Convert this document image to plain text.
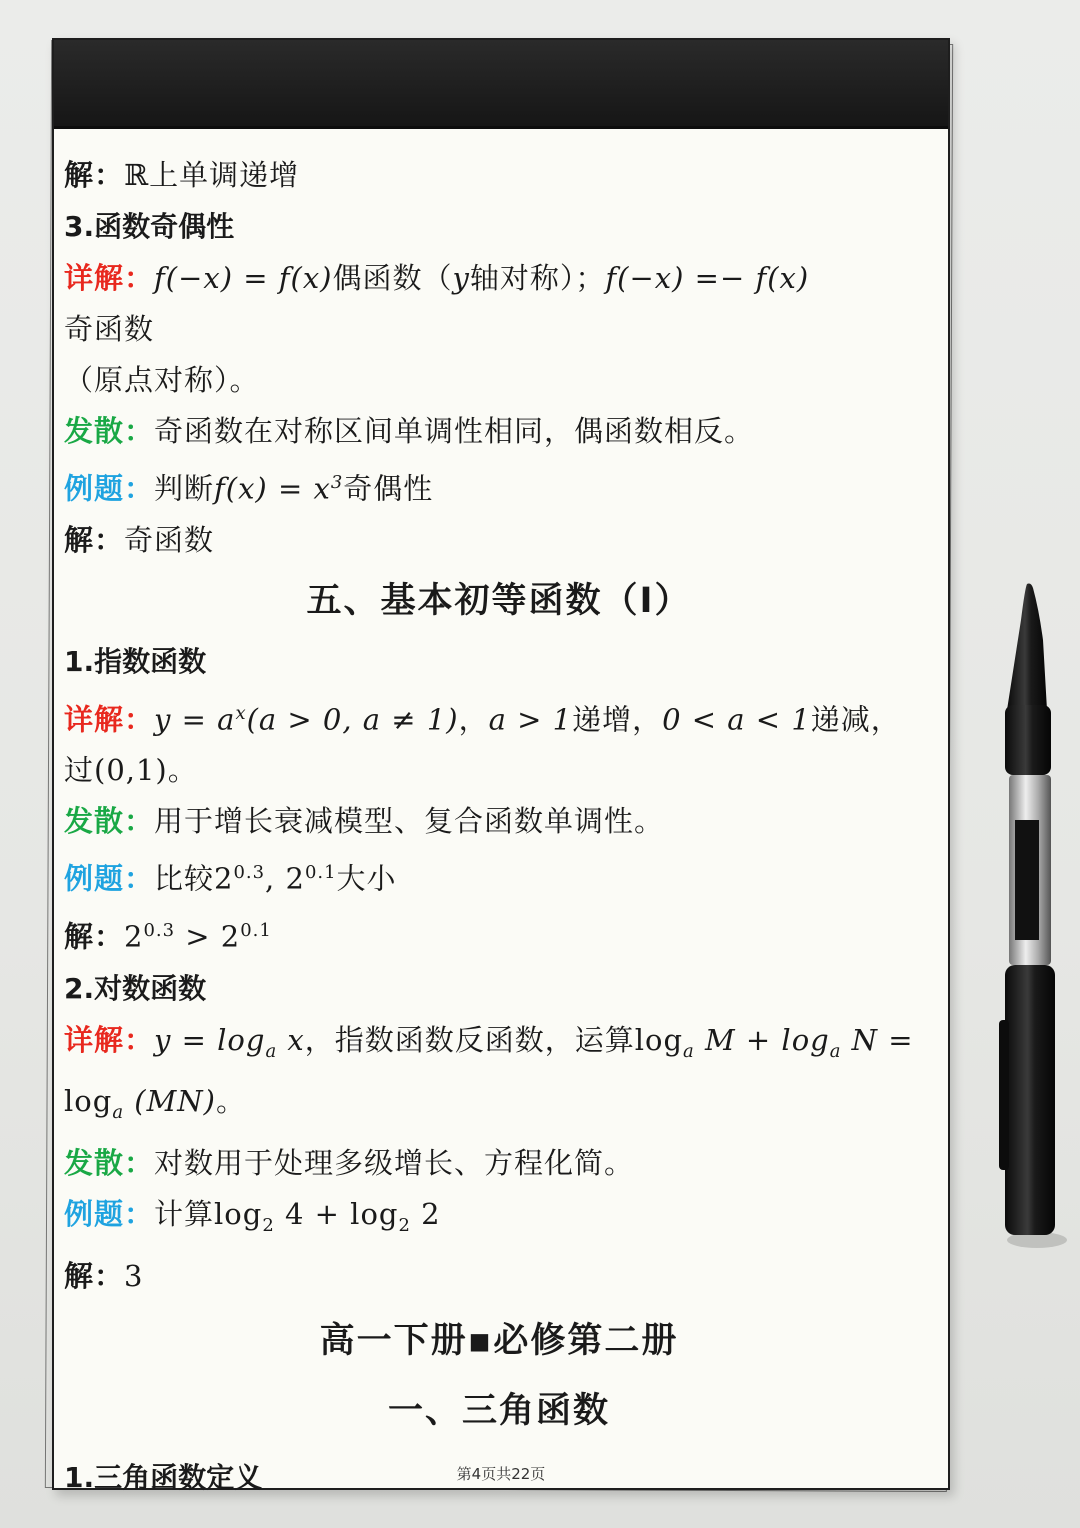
解：ℝ上单调递增
3.函数奇偶性
详解：f(−x) = f(x)偶函数（y轴对称）；f(−x) =− f(x)
奇函数
（原点对称）。
发散：奇函数在对称区间单调性相同，偶函数相反。
例题：判断$f(x) = x^3$奇偶性
解：奇函数
五、基本初等函数（Ⅰ）
1.指数函数
详解：$y = a^x(a > 0$, a ≠ 1)，a > 1递增，0 < a < 1递减，
过(0,1)。
发散：用于增长衰减模型、复合函数单调性。
例题：比较$2^{0.3}$, $2^{0.1}$大小
解：$2^{0.3} > 2^{0.1}$
2.对数函数
详解：$y = \log_a x$，指数函数反函数，运算$\log_a M + \log_a N$ =
$\log_a (MN)$。
发散：对数用于处理多级增长、方程化简。
例题：计算$\log_2 4 + \log_2 2$
解：3
高一下册▪必修第二册
一、三角函数
1.三角函数定义	第4页共22页
